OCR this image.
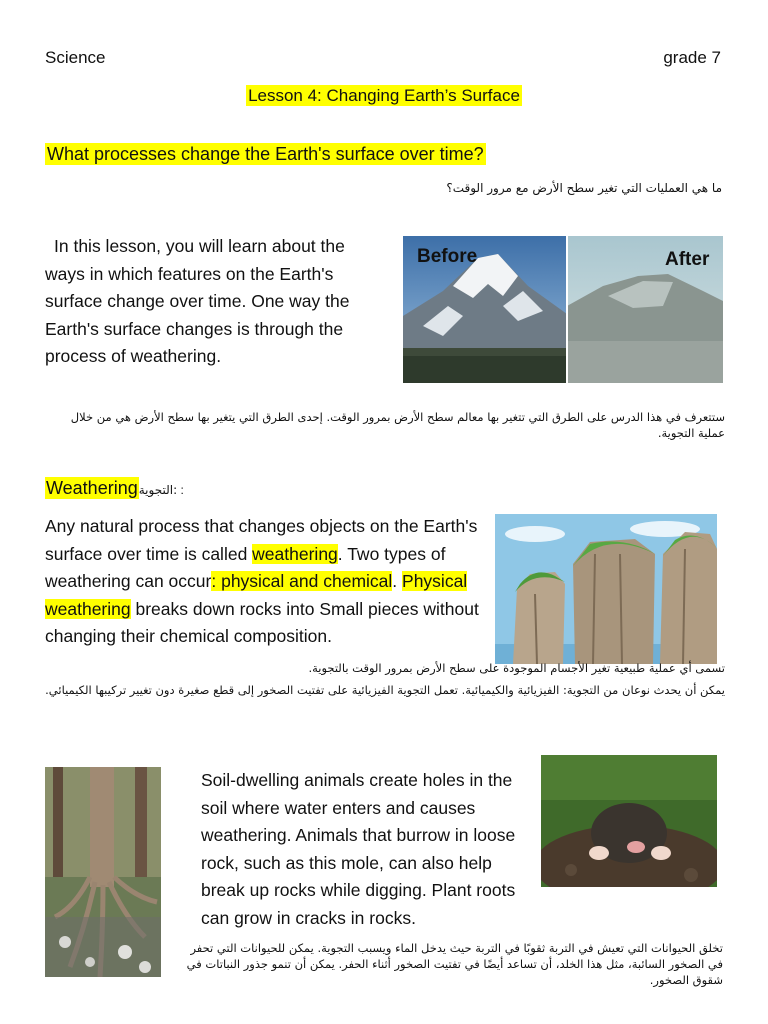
Science	grade 7
Lesson 4: Changing Earth’s Surface
What processes change the Earth's surface over time?
ما هي العمليات التي تغير سطح الأرض مع مرور الوقت؟
In this lesson, you will learn about the ways in which features on the Earth's surface change over time. One way the Earth's surface changes is through the process of weathering.
Before	After
ستتعرف في هذا الدرس على الطرق التي تتغير بها معالم سطح الأرض بمرور الوقت. إحدى الطرق التي يتغير بها سطح الأرض هي من خلال عملية التجوية.
Weatheringالتجوية: :
Any natural process that changes objects on the Earth's surface over time is called weathering. Two types of weathering can occur: physical and chemical. Physical weathering breaks down rocks into Small pieces without changing their chemical composition.
تسمى أي عملية طبيعية تغير الأجسام الموجودة على سطح الأرض بمرور الوقت بالتجوية.
يمكن أن يحدث نوعان من التجوية: الفيزيائية والكيميائية. تعمل التجوية الفيزيائية على تفتيت الصخور إلى قطع صغيرة دون تغيير تركيبها الكيميائي.
Soil-dwelling animals create holes in the soil where water enters and causes weathering. Animals that burrow in loose rock, such as this mole, can also help break up rocks while digging. Plant roots can grow in cracks in rocks.
تخلق الحيوانات التي تعيش في التربة ثقوبًا في التربة حيث يدخل الماء ويسبب التجوية. يمكن للحيوانات التي تحفر في الصخور السائبة، مثل هذا الخلد، أن تساعد أيضًا في تفتيت الصخور أثناء الحفر. يمكن أن تنمو جذور النباتات في شقوق الصخور.
